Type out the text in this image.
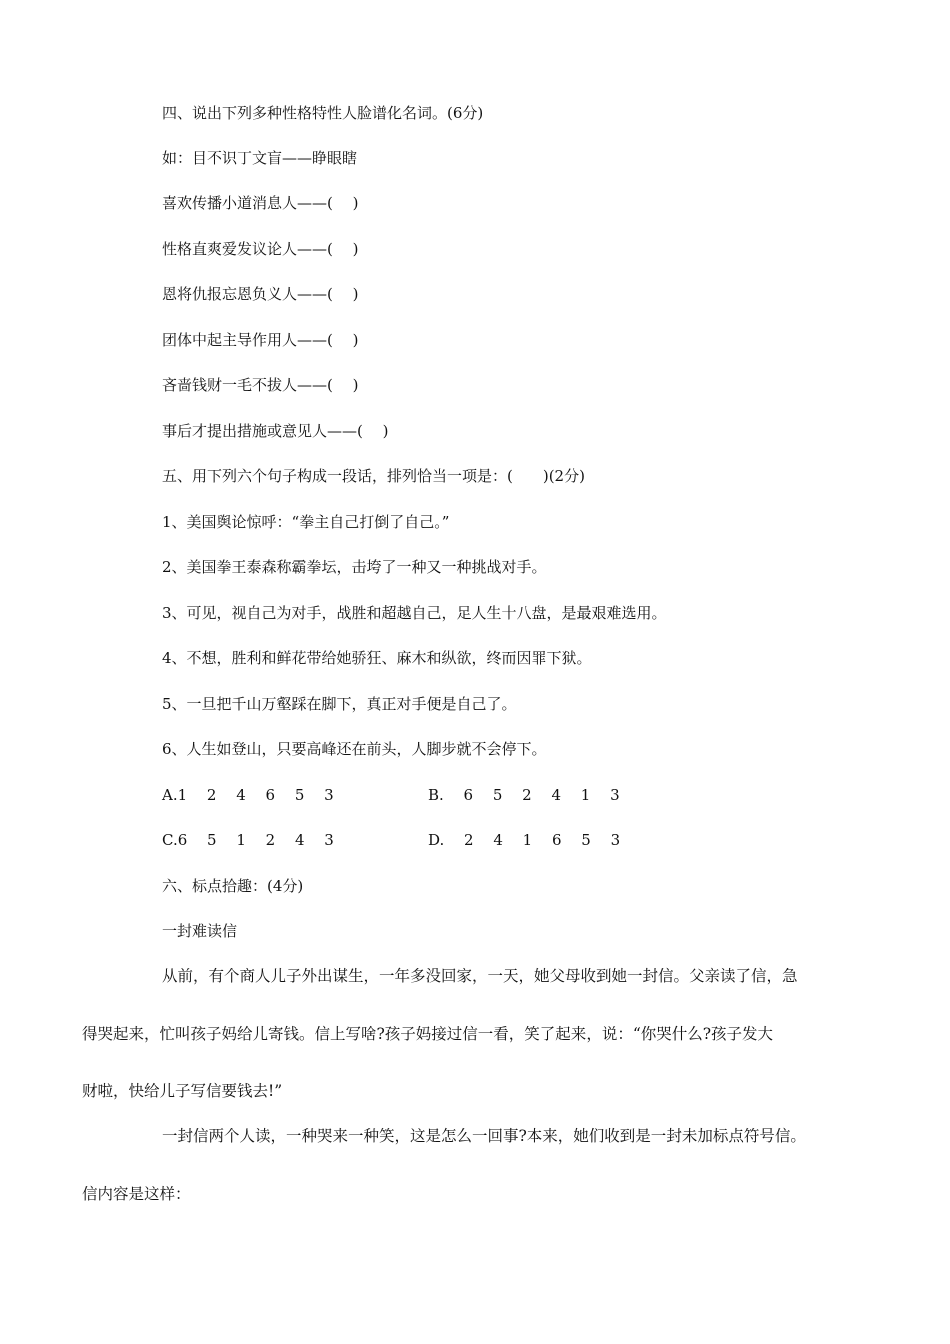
四、说出下列多种性格特性人脸谱化名词。(6分)
如：目不识丁文盲——睁眼瞎
喜欢传播小道消息人——(　 )
性格直爽爱发议论人——(　 )
恩将仇报忘恩负义人——(　 )
团体中起主导作用人——(　 )
吝啬钱财一毛不拔人——(　 )
事后才提出措施或意见人——(　 )
五、用下列六个句子构成一段话，排列恰当一项是：(　　)(2分)
1、美国舆论惊呼：“拳主自己打倒了自己。”
2、美国拳王泰森称霸拳坛，击垮了一种又一种挑战对手。
3、可见，视自己为对手，战胜和超越自己，足人生十八盘，是最艰难选用。
4、不想，胜利和鲜花带给她骄狂、麻木和纵欲，终而因罪下狱。
5、一旦把千山万壑踩在脚下，真正对手便是自己了。
6、人生如登山，只要高峰还在前头，人脚步就不会停下。
A.1　 2　 4　 6　 5　 3	B.　 6　 5　 2　 4　 1　 3
C.6　 5　 1　 2　 4　 3	D.　 2　 4　 1　 6　 5　 3
六、标点拾趣：(4分)
一封难读信
从前，有个商人儿子外出谋生，一年多没回家，一天，她父母收到她一封信。父亲读了信，急
得哭起来，忙叫孩子妈给儿寄钱。信上写啥?孩子妈接过信一看，笑了起来，说：“你哭什么?孩子发大
财啦，快给儿子写信要钱去!”
一封信两个人读，一种哭来一种笑，这是怎么一回事?本来，她们收到是一封未加标点符号信。
信内容是这样：
